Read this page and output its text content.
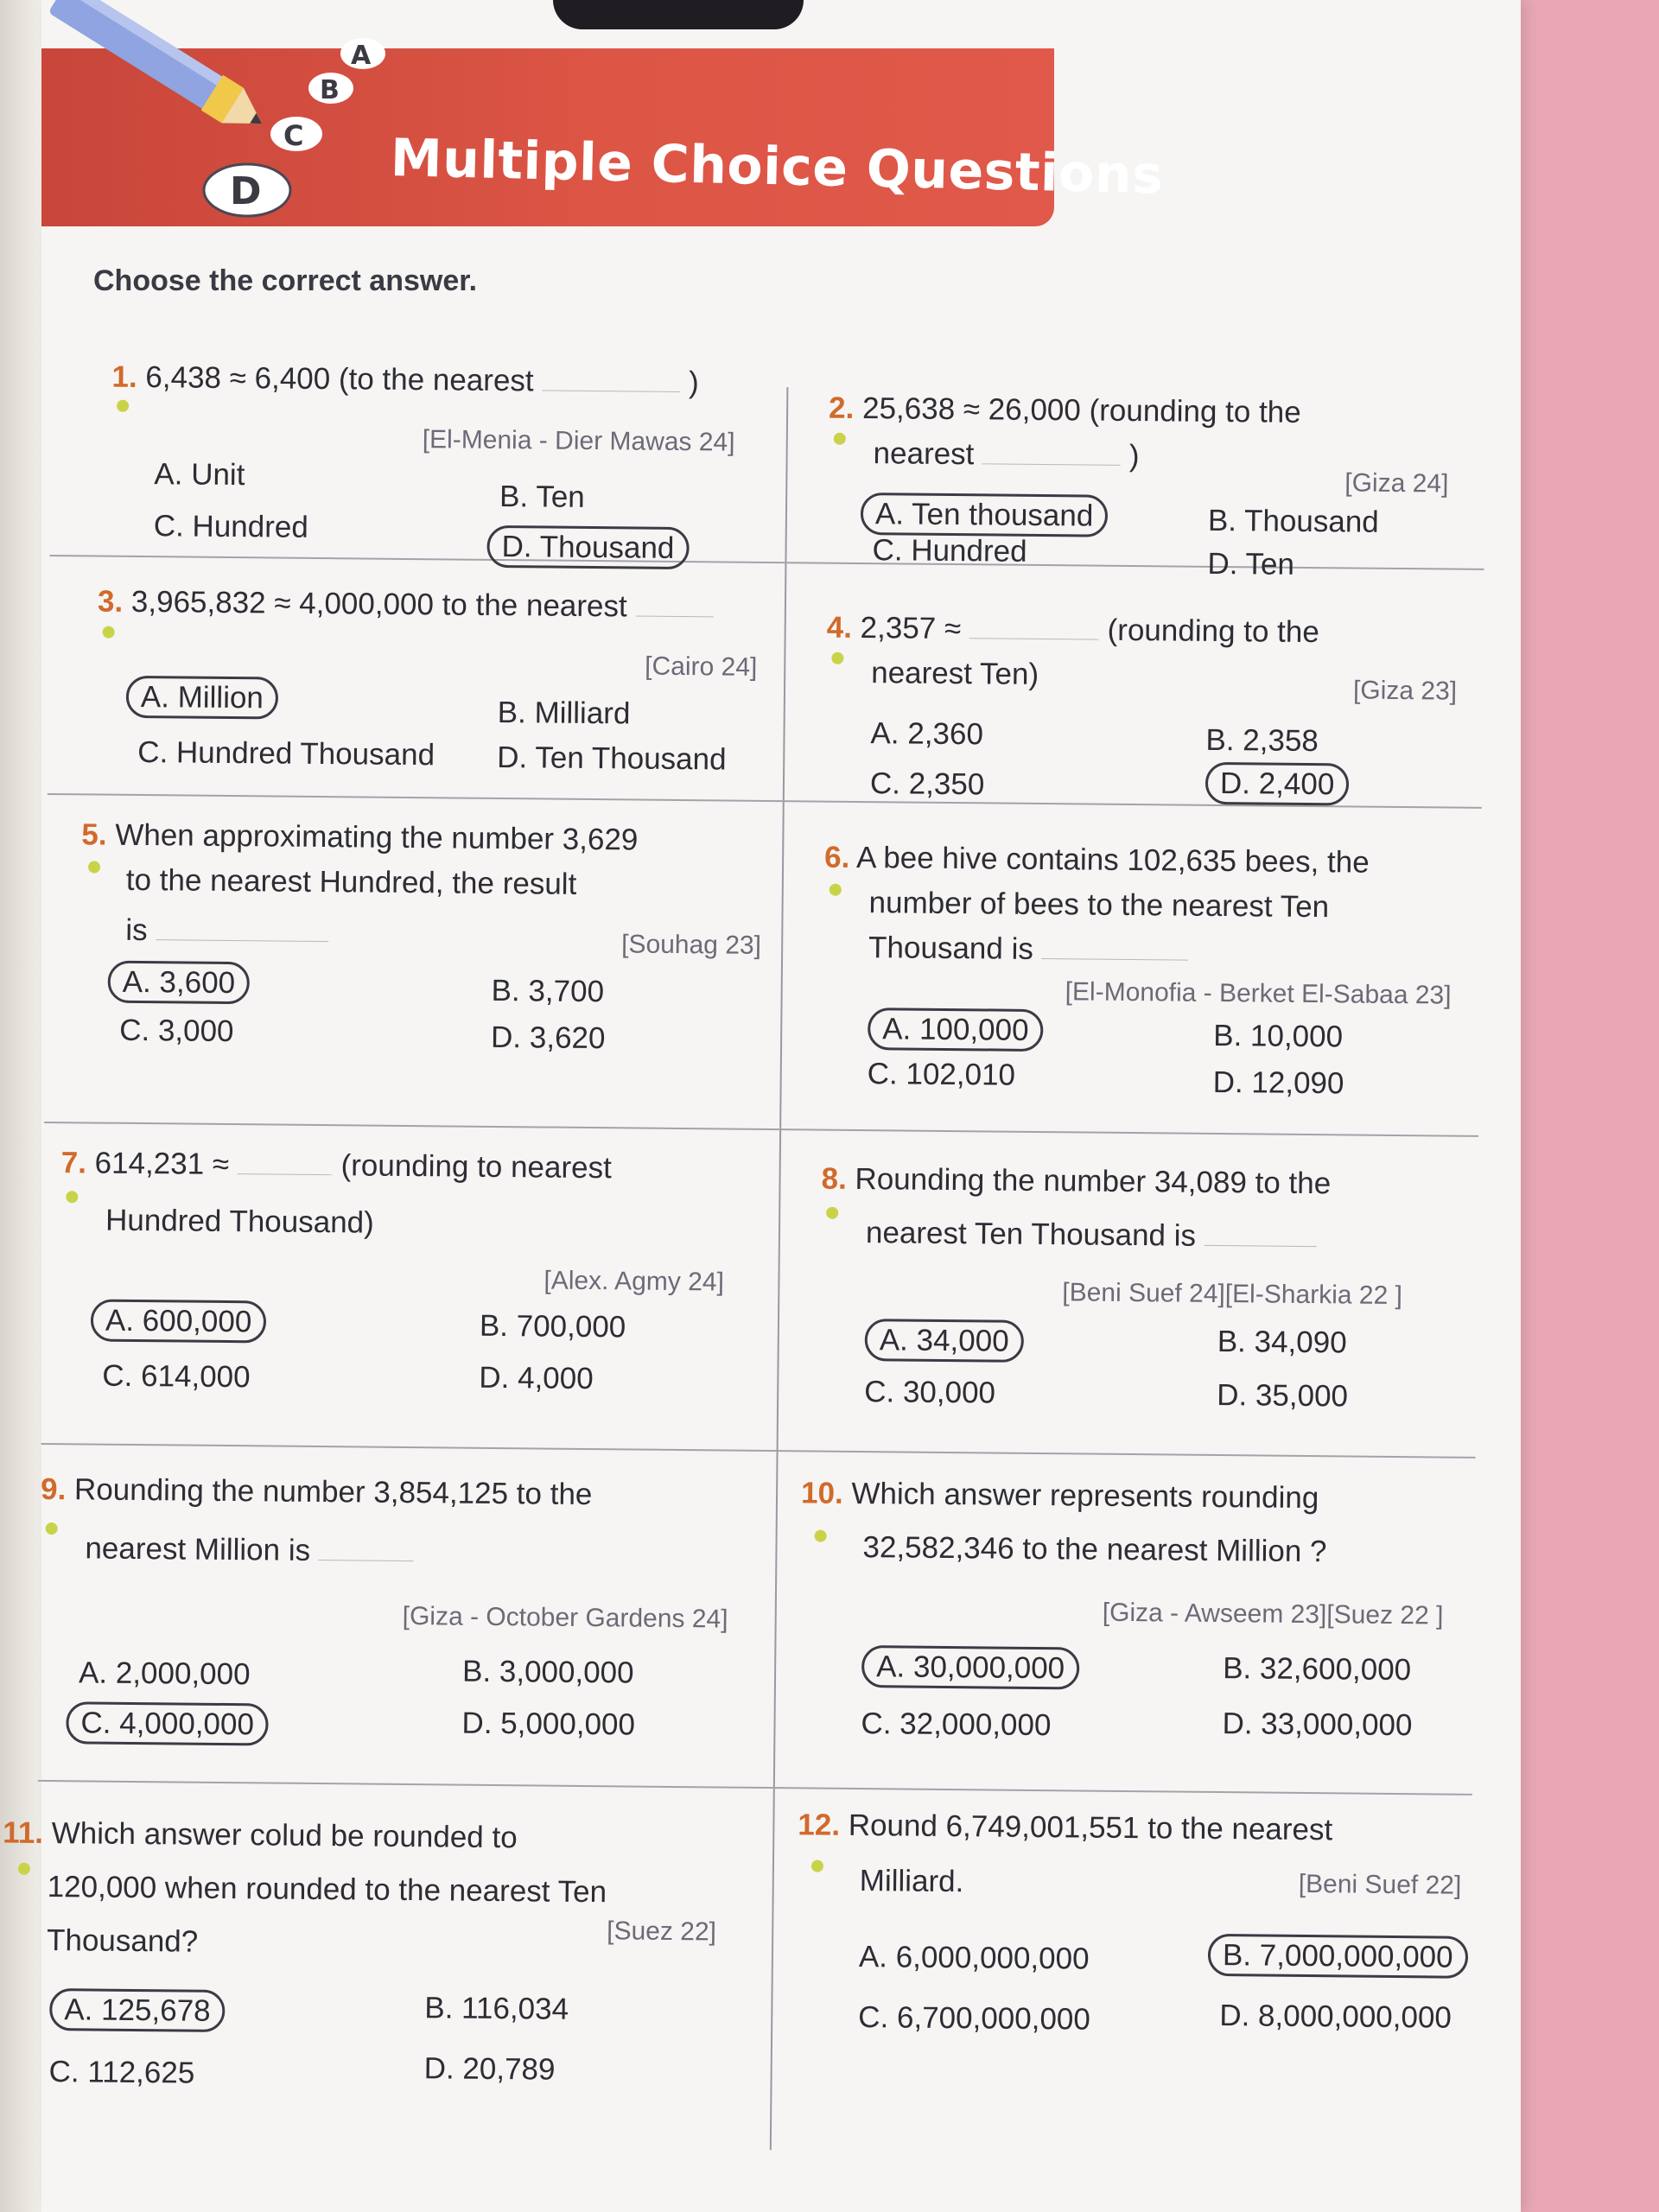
A
B
C
D Multiple Choice Questions
Choose the correct answer.
1. 6,438 ≈ 6,400 (to the nearest	)
[El-Menia - Dier Mawas 24]
A. Unit
B. Ten
C. Hundred
D. Thousand
2. 25,638 ≈ 26,000 (rounding to the
nearest	)
[Giza 24]
A. Ten thousand	B. Thousand
C. Hundred	D. Ten
3. 3,965,832 ≈ 4,000,000 to the nearest
[Cairo 24]
A. Million	B. Milliard
C. Hundred Thousand D. Ten Thousand
4. 2,357 ≈	(rounding to the
nearest Ten)	[Giza 23]
A. 2,360	B. 2,358
C. 2,350	D. 2,400
5. When approximating the number 3,629
to the nearest Hundred, the result
is	[Souhag 23]
A. 3,600	B. 3,700
C. 3,000	D. 3,620
6. A bee hive contains 102,635 bees, the
number of bees to the nearest Ten
Thousand is
[El-Monofia - Berket El-Sabaa 23]
A. 100,000	B. 10,000
C. 102,010	D. 12,090
7. 614,231 ≈	(rounding to nearest
Hundred Thousand)
[Alex. Agmy 24]
A. 600,000	B. 700,000
C. 614,000	D. 4,000
8. Rounding the number 34,089 to the
nearest Ten Thousand is
[Beni Suef 24][El-Sharkia 22 ]
A. 34,000	B. 34,090
C. 30,000	D. 35,000
9. Rounding the number 3,854,125 to the
nearest Million is
[Giza - October Gardens 24]
A. 2,000,000	B. 3,000,000
C. 4,000,000	D. 5,000,000
10. Which answer represents rounding
32,582,346 to the nearest Million ?
[Giza - Awseem 23][Suez 22 ]
A. 30,000,000	B. 32,600,000
C. 32,000,000	D. 33,000,000
11. Which answer colud be rounded to
120,000 when rounded to the nearest Ten
Thousand?	[Suez 22]
A. 125,678	B. 116,034
C. 112,625	D. 20,789
12. Round 6,749,001,551 to the nearest
Milliard.	[Beni Suef 22]
A. 6,000,000,000	B. 7,000,000,000
C. 6,700,000,000	D. 8,000,000,000
